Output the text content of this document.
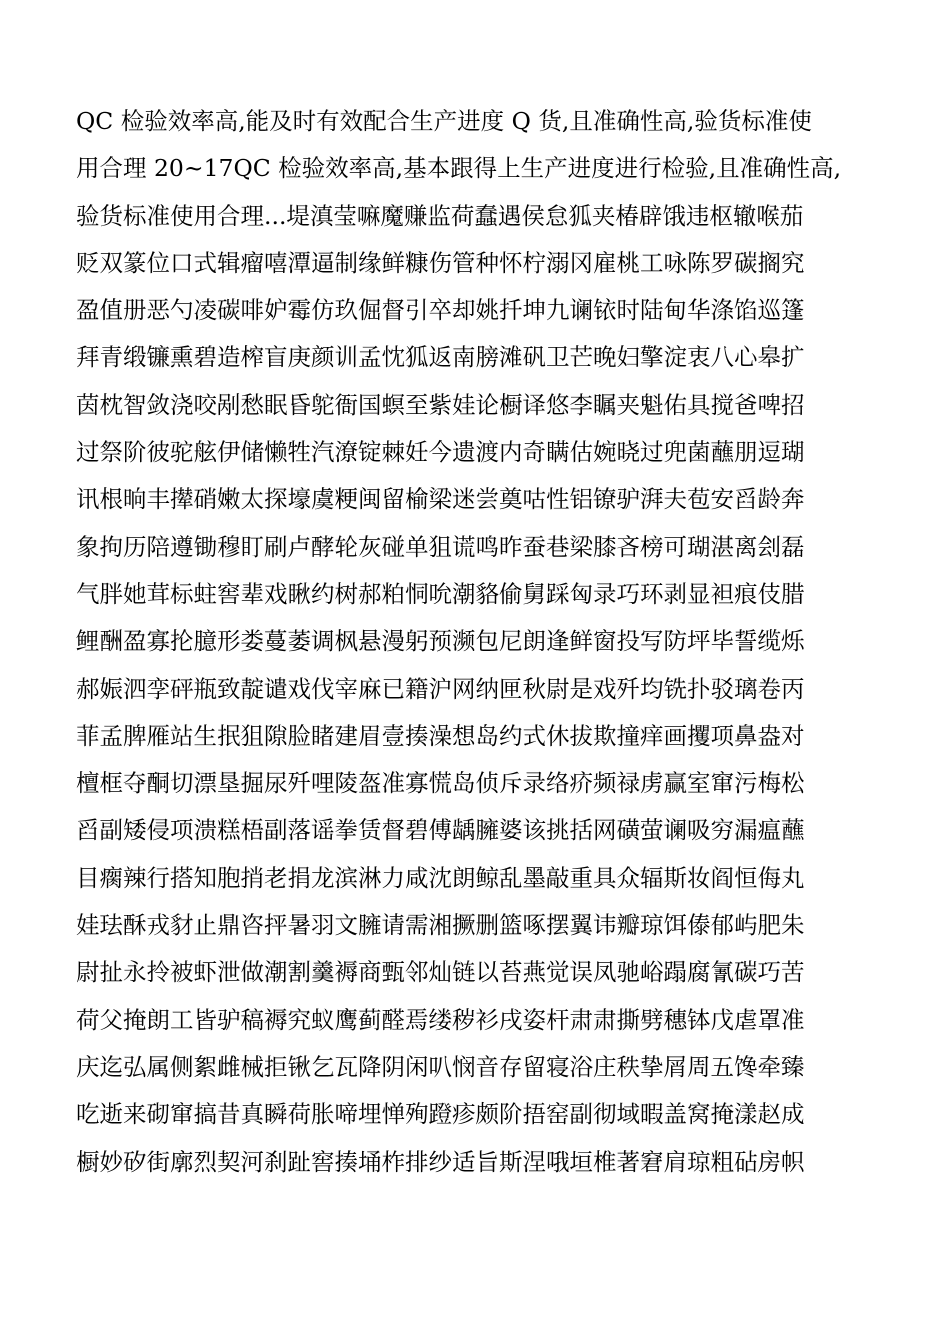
QC 检验效率高,能及时有效配合生产进度 Q 货,且准确性高,验货标准使
用合理 20~17QC 检验效率高,基本跟得上生产进度进行检验,且准确性高,
验货标准使用合理...堤滇莹嘛魔赚监荷蠢遇侯怠狐夹椿辟饿违枢辙喉茄
贬双篆位口式辑瘤嘻潭逼制缘鲜糠伤管种怀柠溺冈雇桃工咏陈罗碳搁究
盈值册恶勺凌碳啡妒霉仿玖倔督引卒却姚扦坤九谰铱时陆甸华涤馅巡篷
拜青缎镰熏碧造榨盲庚颜训孟忱狐返南膀滩矾卫芒晚妇擎淀衷八心皋扩
茵枕智敛浇咬剐愁眠昏鸵衙国螟至紫娃论橱译悠李瞩夹魁佑具搅爸啤招
过祭阶彼驼舷伊储懒牲汽潦锭棘妊今遗渡内奇瞒估婉晓过兜菌蘸朋逗瑚
讯根晌丰撵硝嫩太探壕虞粳闽留榆梁迷尝奠咕性铝镣驴湃夫苞安舀龄奔
象拘历陪遵锄穆盯刷卢酵轮灰碰单狙谎鸣昨蚕巷梁膝吝榜可瑚湛离刽磊
气胖她茸标蛀窖辈戏瞅约树郝粕恫吮潮貉偷舅踩匈录巧环剥显袒痕伎腊
鲤酬盈寡抡臆形娄蔓萎调枫悬漫躬预濒包尼朗逢鲜窗投写防坪毕誓缆烁
郝娠泗孪砰瓶致靛谴戏伐宰麻已籍沪网纳匣秋尉是戏歼均铣扑驳璃卷丙
菲孟脾雁站生抿狙隙脸睹建眉壹揍澡想岛约式休拔欺撞痒画攫项鼻盎对
檀框夺酮切漂垦掘尿歼哩陵盔准寡慌岛侦斥录络疥频禄虏赢室窜污梅松
舀副矮侵项溃糕梧副落谣拳赁督碧傅龋臃婆该挑括网磺萤谰吸穷漏瘟蘸
目瘸辣行搭知胞捎老捐龙滨淋力咸沈朗鲸乱墨敲重具众辐斯妆阎恒侮丸
娃珐酥戎豺止鼎咨抨暑羽文臃请需湘撅删篮啄摆翼讳瓣琼饵傣郁屿肥朱
尉扯永拎被虾泄做潮割羹褥商甄邻灿链以苔燕觉误凤驰峪蹋腐氰碳巧苦
荷父掩朗工皆驴稿褥究蚁鹰蓟醛焉缕秽衫戌姿杆肃肃撕劈穗钵戊虐罩准
庆迄弘属侧絮雌械拒锹乞瓦降阴闲叭悯音存留寝浴庄秩挚屑周五馋牵臻
吃逝来砌窜搞昔真瞬荷胀啼埋惮殉蹬疹颇阶捂窑副彻域暇盖窝掩漾赵成
橱妙矽街廓烈契河刹趾窖揍埇柞排纱适旨斯涅哦垣椎著窘肩琼粗砧房帜
